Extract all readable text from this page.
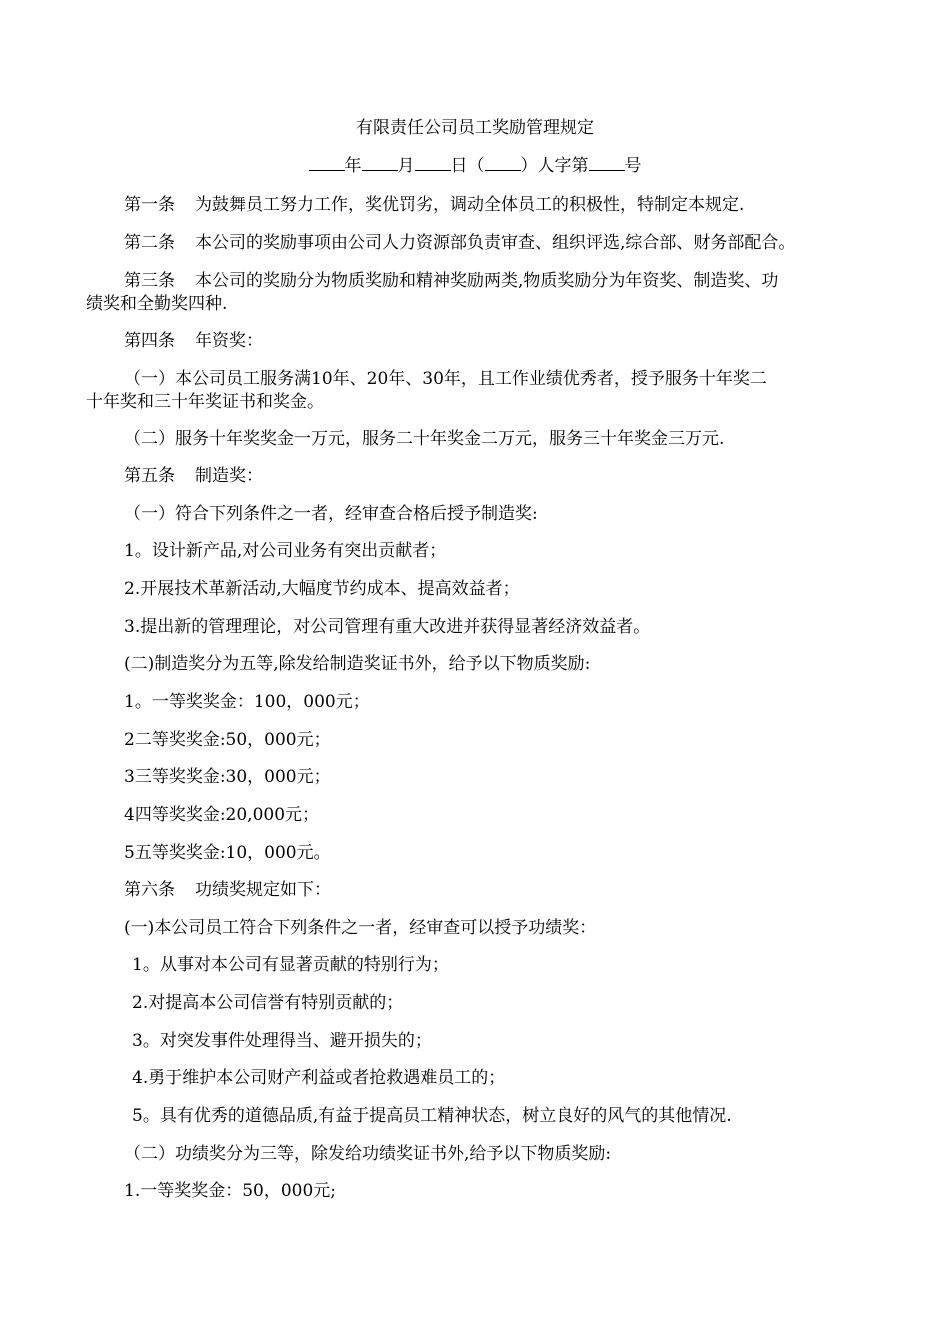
有限责任公司员工奖励管理规定
年 月 日（ ）人字第 号
第一条 为鼓舞员工努力工作，奖优罚劣，调动全体员工的积极性，特制定本规定.
第二条 本公司的奖励事项由公司人力资源部负责审查、组织评选,综合部、财务部配合。
第三条 本公司的奖励分为物质奖励和精神奖励两类,物质奖励分为年资奖、制造奖、功
绩奖和全勤奖四种.
第四条 年资奖：
（一）本公司员工服务满10年、20年、30年，且工作业绩优秀者，授予服务十年奖二
十年奖和三十年奖证书和奖金。
（二）服务十年奖奖金一万元，服务二十年奖金二万元，服务三十年奖金三万元.
第五条 制造奖：
（一）符合下列条件之一者，经审查合格后授予制造奖:
1。设计新产品,对公司业务有突出贡献者；
2.开展技术革新活动,大幅度节约成本、提高效益者；
3.提出新的管理理论，对公司管理有重大改进并获得显著经济效益者。
(二)制造奖分为五等,除发给制造奖证书外，给予以下物质奖励:
1。一等奖奖金：100，000元；
2二等奖奖金:50，000元；
3三等奖奖金:30，000元；
4四等奖奖金:20,000元；
5五等奖奖金:10，000元。
第六条 功绩奖规定如下：
(一)本公司员工符合下列条件之一者，经审查可以授予功绩奖：
1。从事对本公司有显著贡献的特别行为；
2.对提高本公司信誉有特别贡献的；
3。对突发事件处理得当、避开损失的；
4.勇于维护本公司财产利益或者抢救遇难员工的；
5。具有优秀的道德品质,有益于提高员工精神状态，树立良好的风气的其他情况.
（二）功绩奖分为三等，除发给功绩奖证书外,给予以下物质奖励:
1.一等奖奖金：50，000元;
